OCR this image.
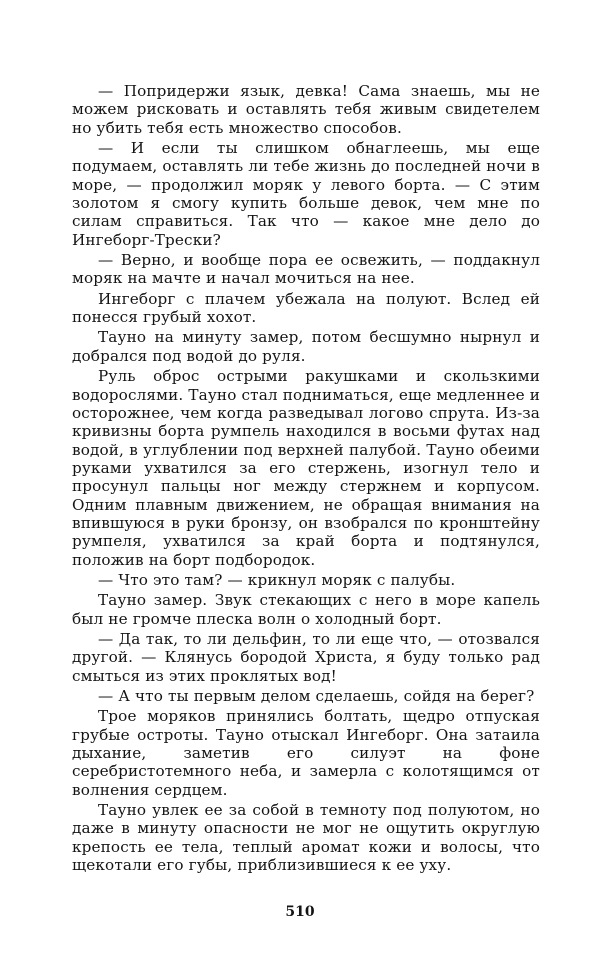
— Попридержи язык, девка! Сама знаешь, мы не можем рисковать и оставлять тебя живым свидетелем но убить тебя есть множество способов.

— И если ты слишком обнаглеешь, мы еще подумаем, оставлять ли тебе жизнь до последней ночи в море, — продолжил моряк у левого борта. — С этим золотом я смогу купить больше девок, чем мне по силам справиться. Так что — какое мне дело до Ингеборг-Трески?

— Верно, и вообще пора ее освежить, — поддакнул моряк на мачте и начал мочиться на нее.

Ингеборг с плачем убежала на полуют. Вслед ей понесся грубый хохот.

Тауно на минуту замер, потом бесшумно нырнул и добрался под водой до руля.

Руль оброс острыми ракушками и скользкими водорослями. Тауно стал подниматься, еще медленнее и осторожнее, чем когда разведывал логово спрута. Из-за кривизны борта румпель находился в восьми футах над водой, в углублении под верхней палубой. Тауно обеими руками ухватился за его стержень, изогнул тело и просунул пальцы ног между стержнем и корпусом. Одним плавным движением, не обращая внимания на впившуюся в руки бронзу, он взобрался по кронштейну румпеля, ухватился за край борта и подтянулся, положив на борт подбородок.

— Что это там? — крикнул моряк с палубы.

Тауно замер. Звук стекающих с него в море капель был не громче плеска волн о холодный борт.

— Да так, то ли дельфин, то ли еще что, — отозвался другой. — Клянусь бородой Христа, я буду только рад смыться из этих проклятых вод!

— А что ты первым делом сделаешь, сойдя на берег?

Трое моряков принялись болтать, щедро отпуская грубые остроты. Тауно отыскал Ингеборг. Она затаила дыхание, заметив его силуэт на фоне серебристотемного неба, и замерла с колотящимся от волнения сердцем.

Тауно увлек ее за собой в темноту под полуютом, но даже в минуту опасности не мог не ощутить округлую крепость ее тела, теплый аромат кожи и волосы, что щекотали его губы, приблизившиеся к ее уху.

510
